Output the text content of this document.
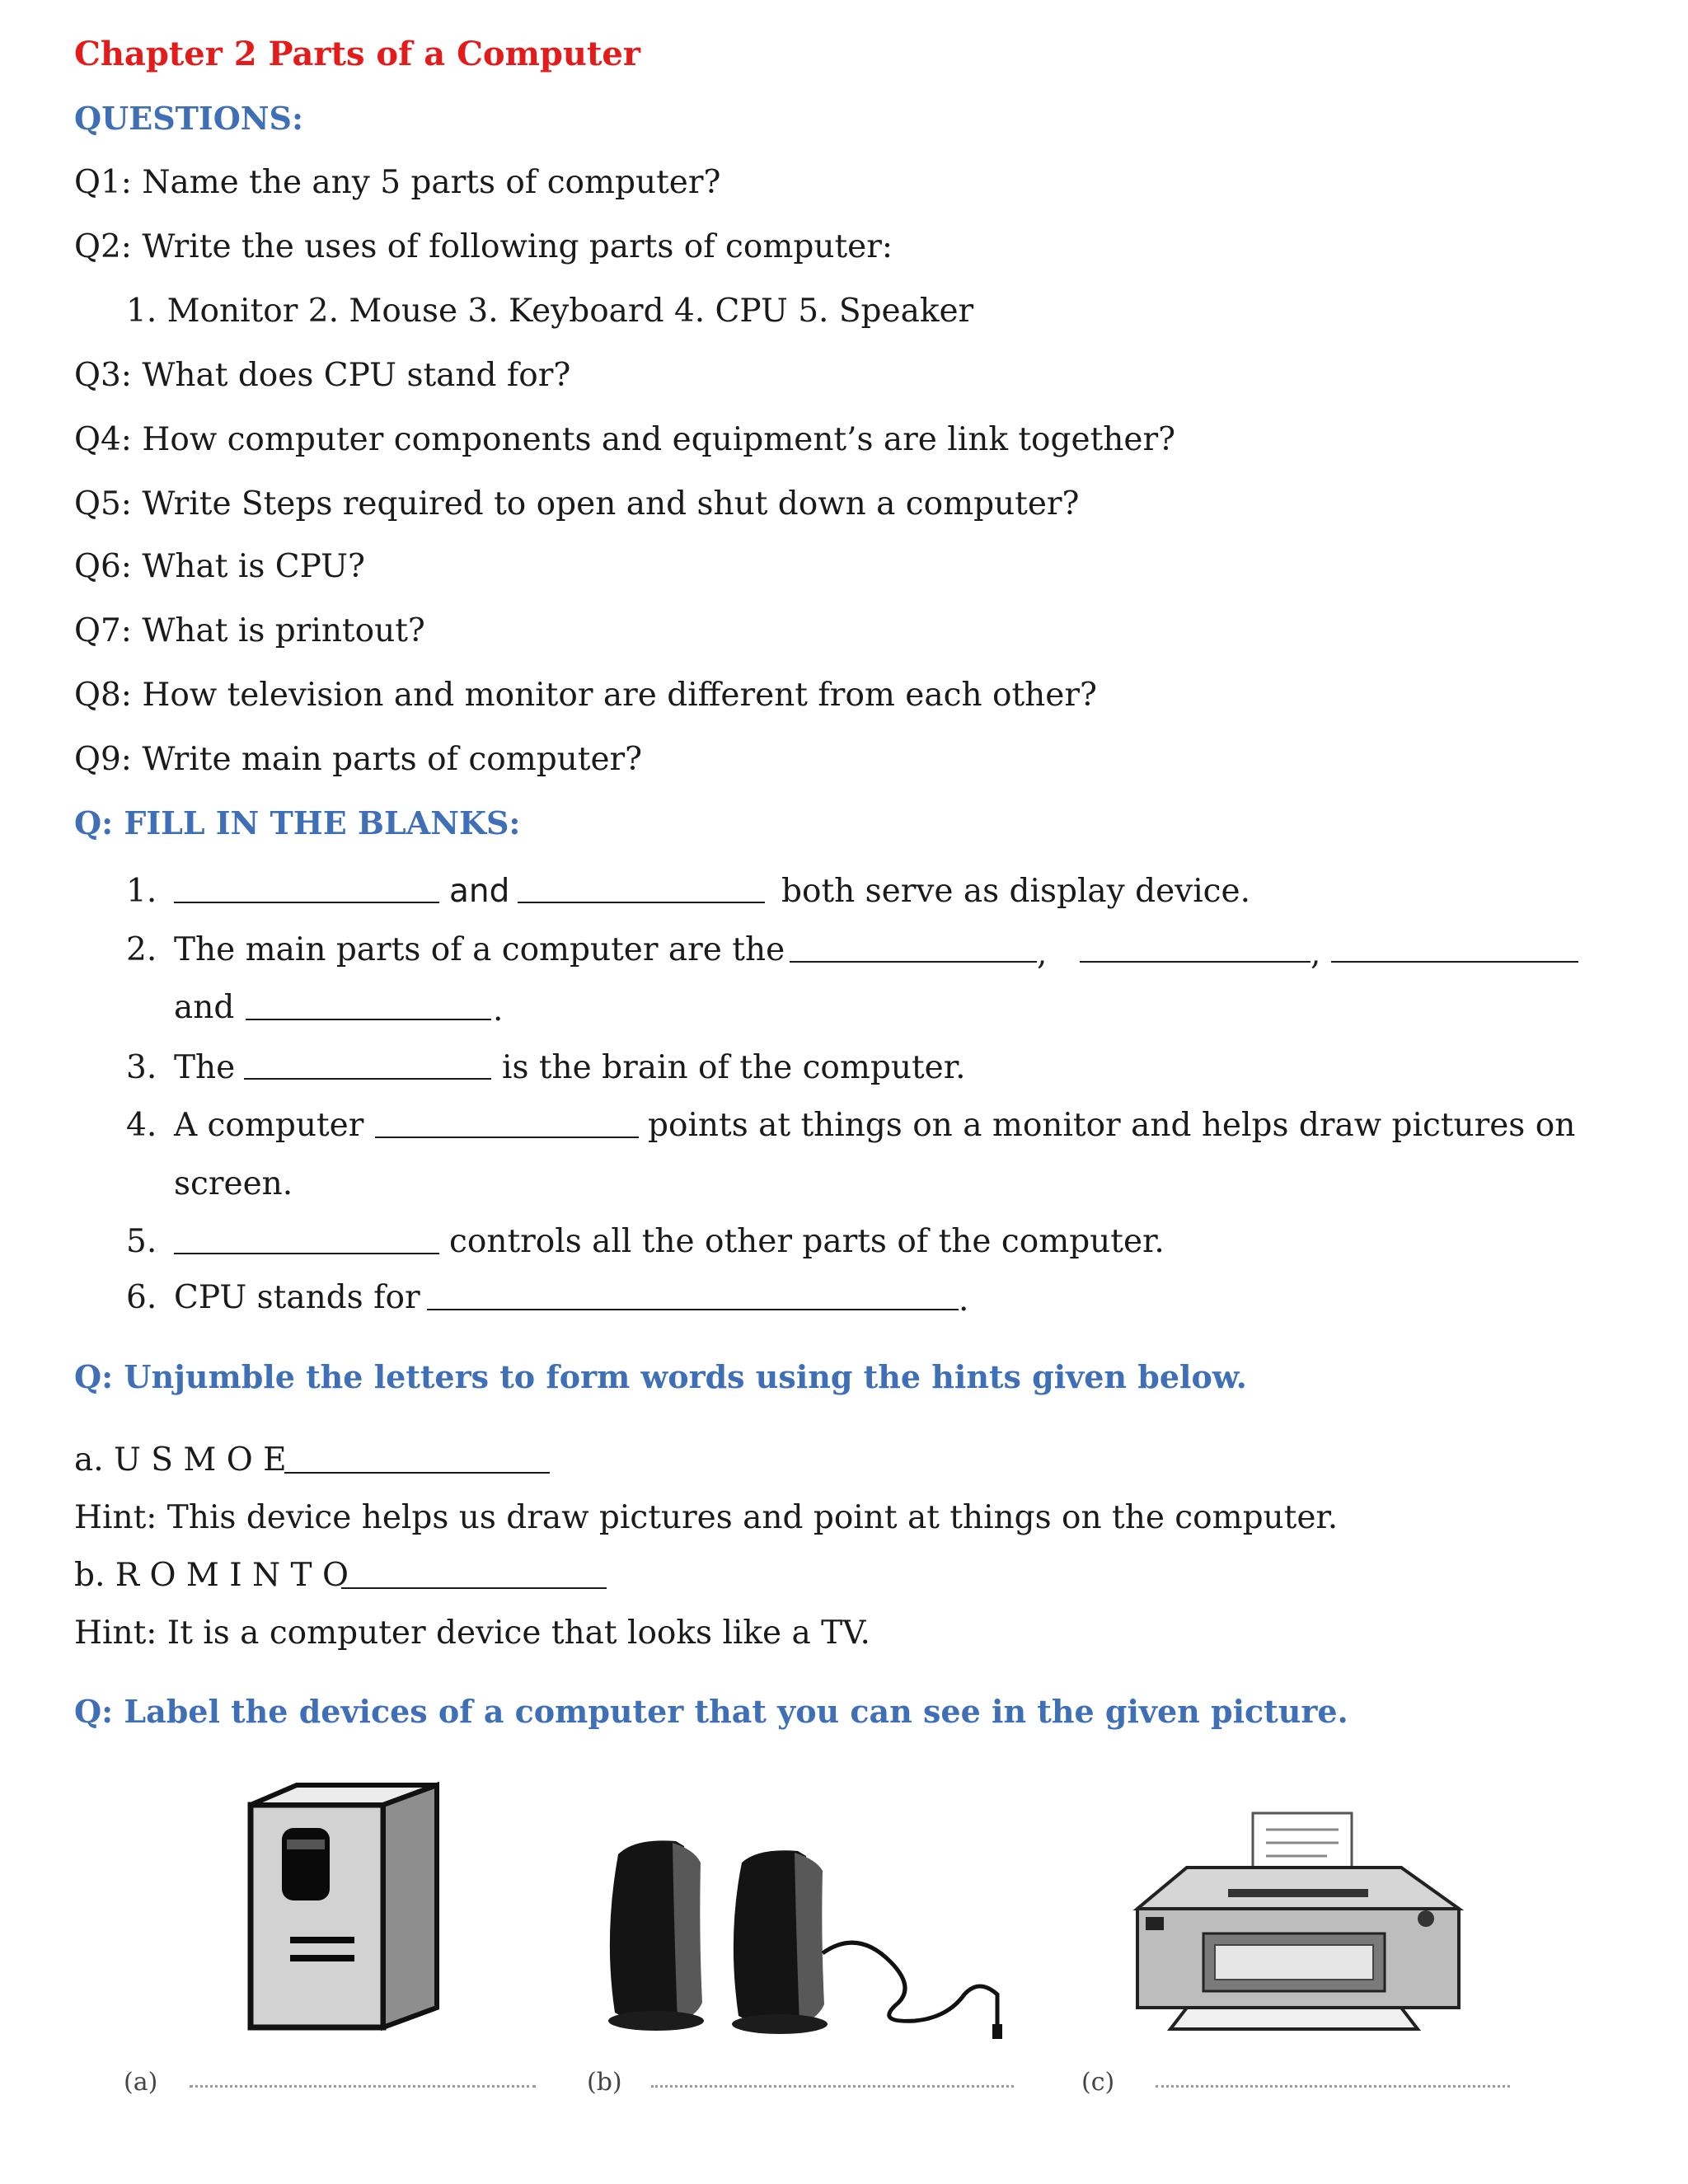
Chapter 2 Parts of a Computer
QUESTIONS:
Q1: Name the any 5 parts of computer?
Q2: Write the uses of following parts of computer:
1. Monitor 2. Mouse 3. Keyboard 4. CPU 5. Speaker
Q3: What does CPU stand for?
Q4: How computer components and equipment’s are link together?
Q5: Write Steps required to open and shut down a computer?
Q6: What is CPU?
Q7: What is printout?
Q8: How television and monitor are different from each other?
Q9: Write main parts of computer?
Q: FILL IN THE BLANKS:
1.	and	both serve as display device.
2. The main parts of a computer are the	,	,
and	.
3. The	is the brain of the computer.
4. A computer	points at things on a monitor and helps draw pictures on
screen.
5.	controls all the other parts of the computer.
6. CPU stands for	.
Q: Unjumble the letters to form words using the hints given below.
a. U S M O E
Hint: This device helps us draw pictures and point at things on the computer.
b. R O M I N T O
Hint: It is a computer device that looks like a TV.
Q: Label the devices of a computer that you can see in the given picture.
(a)	(b)	(c)
